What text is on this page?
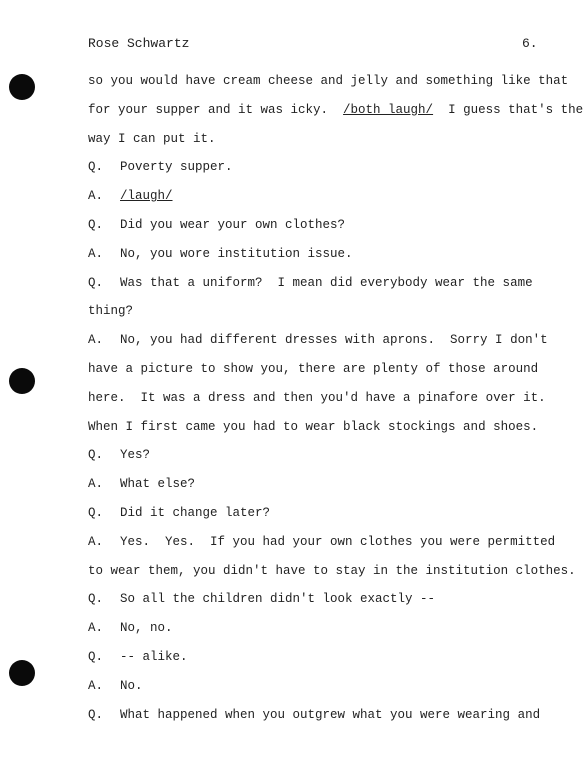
Rose Schwartz	6.
so you would have cream cheese and jelly and something like that
for your supper and it was icky.  /both laugh/  I guess that's the
way I can put it.
Q. Poverty supper.
A. /laugh/
Q. Did you wear your own clothes?
A. No, you wore institution issue.
Q. Was that a uniform?  I mean did everybody wear the same
thing?
A. No, you had different dresses with aprons.  Sorry I don't
have a picture to show you, there are plenty of those around
here.  It was a dress and then you'd have a pinafore over it.
When I first came you had to wear black stockings and shoes.
Q. Yes?
A. What else?
Q. Did it change later?
A. Yes.  Yes.  If you had your own clothes you were permitted
to wear them, you didn't have to stay in the institution clothes.
Q. So all the children didn't look exactly --
A. No, no.
Q. -- alike.
A. No.
Q. What happened when you outgrew what you were wearing and
